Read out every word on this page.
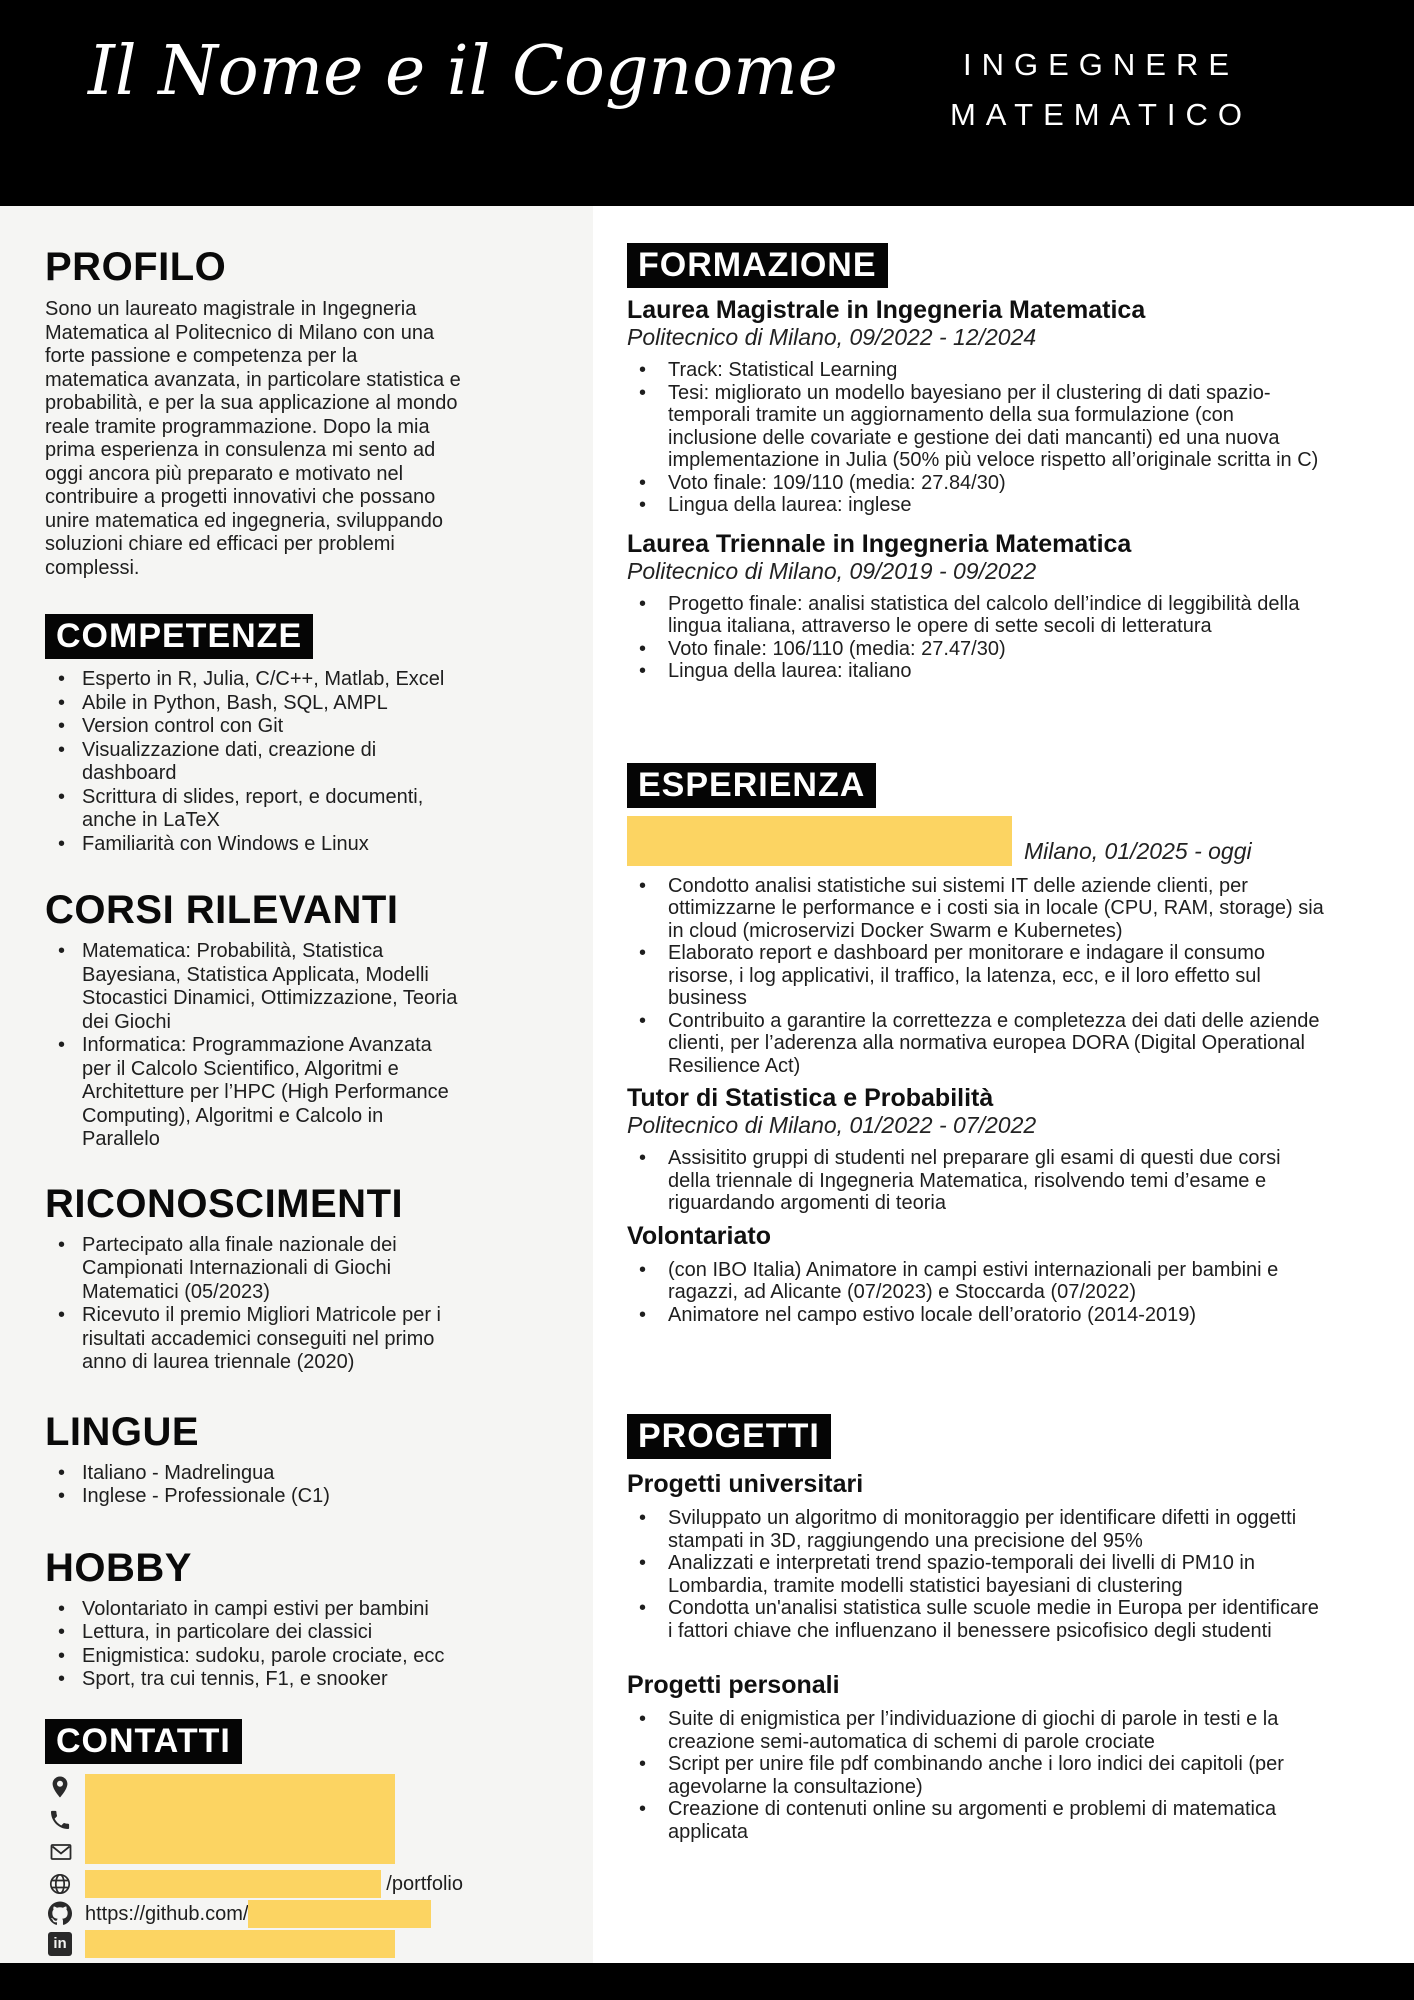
Il Nome e il Cognome	INGEGNERE
MATEMATICO
PROFILO

Sono un laureato magistrale in Ingegneria Matematica al Politecnico di Milano con una forte passione e competenza per la matematica avanzata, in particolare statistica e probabilità, e per la sua applicazione al mondo reale tramite programmazione. Dopo la mia prima esperienza in consulenza mi sento ad oggi ancora più preparato e motivato nel contribuire a progetti innovativi che possano unire matematica ed ingegneria, sviluppando soluzioni chiare ed efficaci per problemi complessi.

COMPETENZE
• Esperto in R, Julia, C/C++, Matlab, Excel
• Abile in Python, Bash, SQL, AMPL
• Version control con Git
• Visualizzazione dati, creazione di dashboard
• Scrittura di slides, report, e documenti, anche in LaTeX
• Familiarità con Windows e Linux
CORSI RILEVANTI
• Matematica: Probabilità, Statistica Bayesiana, Statistica Applicata, Modelli Stocastici Dinamici, Ottimizzazione, Teoria dei Giochi
• Informatica: Programmazione Avanzata per il Calcolo Scientifico, Algoritmi e Architetture per l’HPC (High Performance Computing), Algoritmi e Calcolo in Parallelo
RICONOSCIMENTI
• Partecipato alla finale nazionale dei Campionati Internazionali di Giochi Matematici (05/2023)
• Ricevuto il premio Migliori Matricole per i risultati accademici conseguiti nel primo anno di laurea triennale (2020)
LINGUE
• Italiano - Madrelingua
• Inglese - Professionale (C1)
HOBBY
• Volontariato in campi estivi per bambini
• Lettura, in particolare dei classici
• Enigmistica: sudoku, parole crociate, ecc
• Sport, tra cui tennis, F1, e snooker
CONTATTI
/portfolio
https://github.com/
in
FORMAZIONE
Laurea Magistrale in Ingegneria Matematica
Politecnico di Milano, 09/2022 - 12/2024
• Track: Statistical Learning
• Tesi: migliorato un modello bayesiano per il clustering di dati spazio-temporali tramite un aggiornamento della sua formulazione (con inclusione delle covariate e gestione dei dati mancanti) ed una nuova implementazione in Julia (50% più veloce rispetto all’originale scritta in C)
• Voto finale: 109/110 (media: 27.84/30)
• Lingua della laurea: inglese
Laurea Triennale in Ingegneria Matematica
Politecnico di Milano, 09/2019 - 09/2022
• Progetto finale: analisi statistica del calcolo dell’indice di leggibilità della lingua italiana, attraverso le opere di sette secoli di letteratura
• Voto finale: 106/110 (media: 27.47/30)
• Lingua della laurea: italiano
ESPERIENZA
Milano, 01/2025 - oggi
• Condotto analisi statistiche sui sistemi IT delle aziende clienti, per ottimizzarne le performance e i costi sia in locale (CPU, RAM, storage) sia in cloud (microservizi Docker Swarm e Kubernetes)
• Elaborato report e dashboard per monitorare e indagare il consumo risorse, i log applicativi, il traffico, la latenza, ecc, e il loro effetto sul business
• Contribuito a garantire la correttezza e completezza dei dati delle aziende clienti, per l’aderenza alla normativa europea DORA (Digital Operational Resilience Act)
Tutor di Statistica e Probabilità
Politecnico di Milano, 01/2022 - 07/2022
• Assisitito gruppi di studenti nel preparare gli esami di questi due corsi della triennale di Ingegneria Matematica, risolvendo temi d’esame e riguardando argomenti di teoria
Volontariato
• (con IBO Italia) Animatore in campi estivi internazionali per bambini e ragazzi, ad Alicante (07/2023) e Stoccarda (07/2022)
• Animatore nel campo estivo locale dell’oratorio (2014-2019)
PROGETTI
Progetti universitari
• Sviluppato un algoritmo di monitoraggio per identificare difetti in oggetti stampati in 3D, raggiungendo una precisione del 95%
• Analizzati e interpretati trend spazio-temporali dei livelli di PM10 in Lombardia, tramite modelli statistici bayesiani di clustering
• Condotta un'analisi statistica sulle scuole medie in Europa per identificare i fattori chiave che influenzano il benessere psicofisico degli studenti
Progetti personali
• Suite di enigmistica per l’individuazione di giochi di parole in testi e la creazione semi-automatica di schemi di parole crociate
• Script per unire file pdf combinando anche i loro indici dei capitoli (per agevolarne la consultazione)
• Creazione di contenuti online su argomenti e problemi di matematica applicata
